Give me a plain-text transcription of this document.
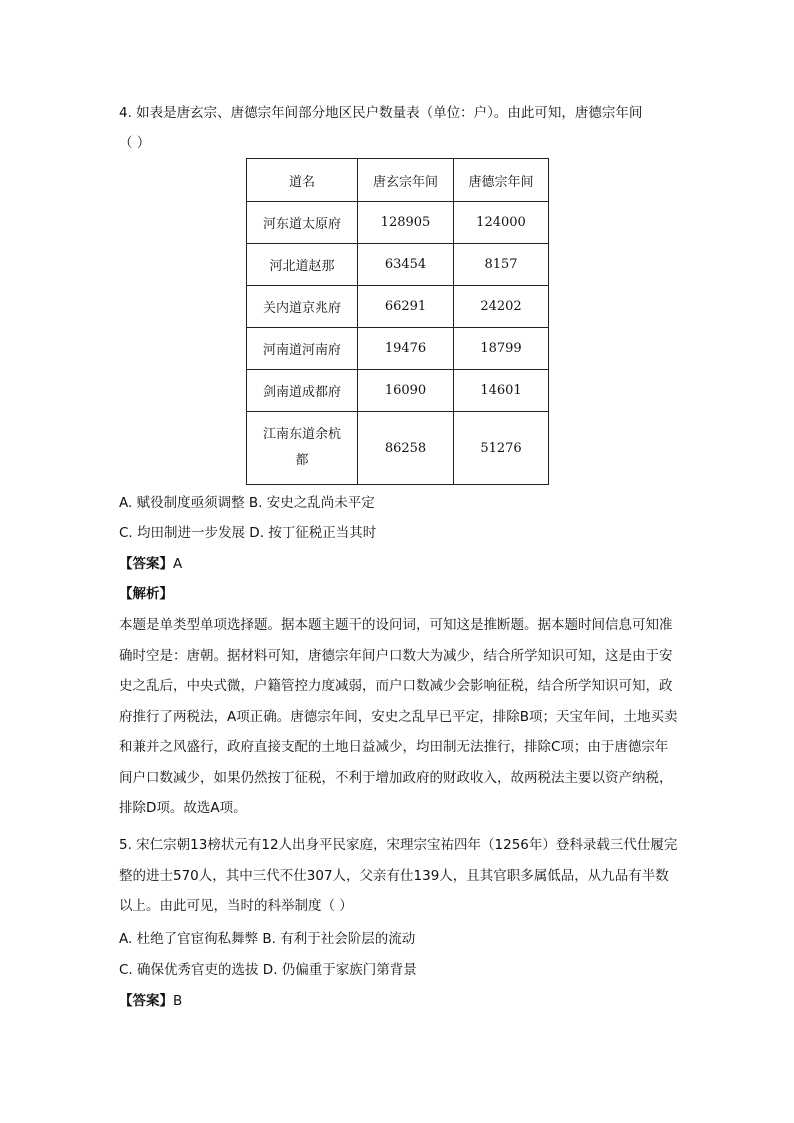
4. 如表是唐玄宗、唐德宗年间部分地区民户数量表（单位：户）。由此可知，唐德宗年间
（ ）
道名	唐玄宗年间	唐德宗年间
河东道太原府	128905	124000
河北道赵那	63454	8157
关内道京兆府	66291	24202
河南道河南府	19476	18799
剑南道成都府	16090	14601
江南东道余杭都	86258	51276
A. 赋役制度亟须调整 B. 安史之乱尚未平定
C. 均田制进一步发展 D. 按丁征税正当其时
【答案】A
【解析】
本题是单类型单项选择题。据本题主题干的设问词，可知这是推断题。据本题时间信息可知准确时空是：唐朝。据材料可知，唐德宗年间户口数大为减少，结合所学知识可知，这是由于安史之乱后，中央式微，户籍管控力度减弱，而户口数减少会影响征税，结合所学知识可知，政府推行了两税法，A项正确。唐德宗年间，安史之乱早已平定，排除B项；天宝年间，土地买卖和兼并之风盛行，政府直接支配的土地日益减少，均田制无法推行，排除C项；由于唐德宗年间户口数减少，如果仍然按丁征税，不利于增加政府的财政收入，故两税法主要以资产纳税，排除D项。故选A项。
5. 宋仁宗朝13榜状元有12人出身平民家庭，宋理宗宝祐四年（1256年）登科录载三代仕履完整的进士570人，其中三代不仕307人，父亲有仕139人，且其官职多属低品，从九品有半数以上。由此可见，当时的科举制度（ ）
A. 杜绝了官宦徇私舞弊 B. 有利于社会阶层的流动
C. 确保优秀官吏的选拔 D. 仍偏重于家族门第背景
【答案】B
